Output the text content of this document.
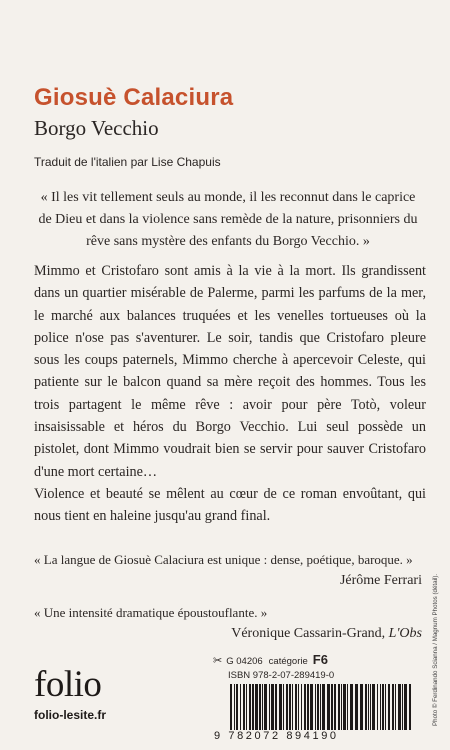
Giosuè Calaciura
Borgo Vecchio
Traduit de l'italien par Lise Chapuis
« Il les vit tellement seuls au monde, il les reconnut dans le caprice de Dieu et dans la violence sans remède de la nature, prisonniers du rêve sans mystère des enfants du Borgo Vecchio. »

Mimmo et Cristofaro sont amis à la vie à la mort. Ils grandissent dans un quartier misérable de Palerme, parmi les parfums de la mer, le marché aux balances truquées et les venelles tortueuses où la police n'ose pas s'aventurer. Le soir, tandis que Cristofaro pleure sous les coups paternels, Mimmo cherche à apercevoir Celeste, qui patiente sur le balcon quand sa mère reçoit des hommes. Tous les trois partagent le même rêve : avoir pour père Totò, voleur insaisissable et héros du Borgo Vecchio. Lui seul possède un pistolet, dont Mimmo voudrait bien se servir pour sauver Cristofaro d'une mort certaine…

Violence et beauté se mêlent au cœur de ce roman envoûtant, qui nous tient en haleine jusqu'au grand final.

« La langue de Giosuè Calaciura est unique : dense, poétique, baroque. »
Jérôme Ferrari
« Une intensité dramatique époustouflante. »
Véronique Cassarin-Grand, L'Obs
folio
folio-lesite.fr
✂ G 04206 catégorie F6
ISBN 978-2-07-289419-0
9 782072 894190
Photo © Ferdinando Scianna / Magnum Photos (détail).
